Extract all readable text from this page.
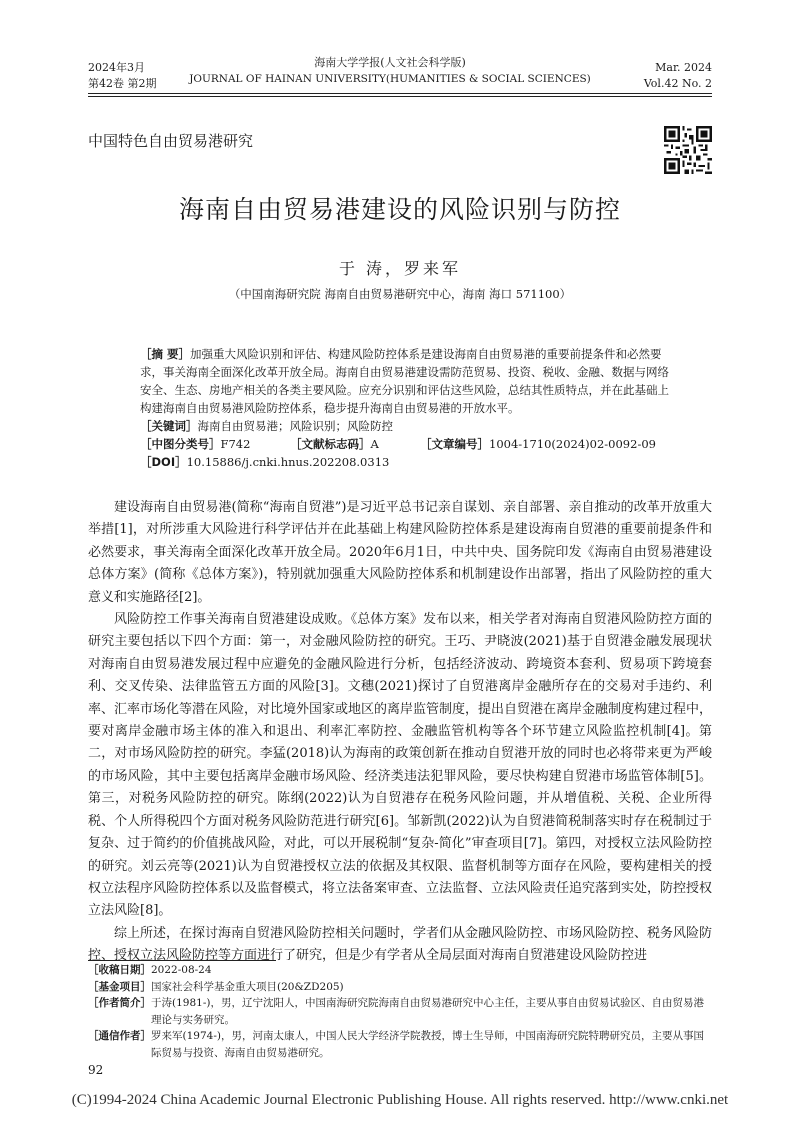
2024年3月
第42卷 第2期
海南大学学报(人文社会科学版)
JOURNAL OF HAINAN UNIVERSITY(HUMANITIES & SOCIAL SCIENCES)
Mar. 2024
Vol.42 No. 2
中国特色自由贸易港研究
海南自由贸易港建设的风险识别与防控
于 涛，罗来军
（中国南海研究院 海南自由贸易港研究中心，海南 海口 571100）
［摘 要］加强重大风险识别和评估、构建风险防控体系是建设海南自由贸易港的重要前提条件和必然要求，事关海南全面深化改革开放全局。海南自由贸易港建设需防范贸易、投资、税收、金融、数据与网络安全、生态、房地产相关的各类主要风险。应充分识别和评估这些风险，总结其性质特点，并在此基础上构建海南自由贸易港风险防控体系，稳步提升海南自由贸易港的开放水平。
［关键词］海南自由贸易港；风险识别；风险防控
［中图分类号］F742	［文献标志码］A	［文章编号］1004-1710(2024)02-0092-09
［DOI］10.15886/j.cnki.hnus.202208.0313

建设海南自由贸易港(简称“海南自贸港”)是习近平总书记亲自谋划、亲自部署、亲自推动的改革开放重大举措[1]，对所涉重大风险进行科学评估并在此基础上构建风险防控体系是建设海南自贸港的重要前提条件和必然要求，事关海南全面深化改革开放全局。2020年6月1日，中共中央、国务院印发《海南自由贸易港建设总体方案》(简称《总体方案》)，特别就加强重大风险防控体系和机制建设作出部署，指出了风险防控的重大意义和实施路径[2]。

风险防控工作事关海南自贸港建设成败。《总体方案》发布以来，相关学者对海南自贸港风险防控方面的研究主要包括以下四个方面：第一，对金融风险防控的研究。王巧、尹晓波(2021)基于自贸港金融发展现状对海南自由贸易港发展过程中应避免的金融风险进行分析，包括经济波动、跨境资本套利、贸易项下跨境套利、交叉传染、法律监管五方面的风险[3]。文穗(2021)探讨了自贸港离岸金融所存在的交易对手违约、利率、汇率市场化等潜在风险，对比境外国家或地区的离岸监管制度，提出自贸港在离岸金融制度构建过程中，要对离岸金融市场主体的准入和退出、利率汇率防控、金融监管机构等各个环节建立风险监控机制[4]。第二，对市场风险防控的研究。李猛(2018)认为海南的政策创新在推动自贸港开放的同时也必将带来更为严峻的市场风险，其中主要包括离岸金融市场风险、经济类违法犯罪风险，要尽快构建自贸港市场监管体制[5]。第三，对税务风险防控的研究。陈纲(2022)认为自贸港存在税务风险问题，并从增值税、关税、企业所得税、个人所得税四个方面对税务风险防范进行研究[6]。邹新凯(2022)认为自贸港简税制落实时存在税制过于复杂、过于简约的价值挑战风险，对此，可以开展税制“复杂-简化”审查项目[7]。第四，对授权立法风险防控的研究。刘云亮等(2021)认为自贸港授权立法的依据及其权限、监督机制等方面存在风险，要构建相关的授权立法程序风险防控体系以及监督模式，将立法备案审查、立法监督、立法风险责任追究落到实处，防控授权立法风险[8]。

综上所述，在探讨海南自贸港风险防控相关问题时，学者们从金融风险防控、市场风险防控、税务风险防控、授权立法风险防控等方面进行了研究，但是少有学者从全局层面对海南自贸港建设风险防控进

［收稿日期］ 2022-08-24
［基金项目］ 国家社会科学基金重大项目(20&ZD205)
［作者简介］ 于涛(1981-)，男，辽宁沈阳人，中国南海研究院海南自由贸易港研究中心主任，主要从事自由贸易试验区、自由贸易港理论与实务研究。
［通信作者］ 罗来军(1974-)，男，河南太康人，中国人民大学经济学院教授，博士生导师，中国南海研究院特聘研究员，主要从事国际贸易与投资、海南自由贸易港研究。
92
(C)1994-2024 China Academic Journal Electronic Publishing House. All rights reserved. http://www.cnki.net
